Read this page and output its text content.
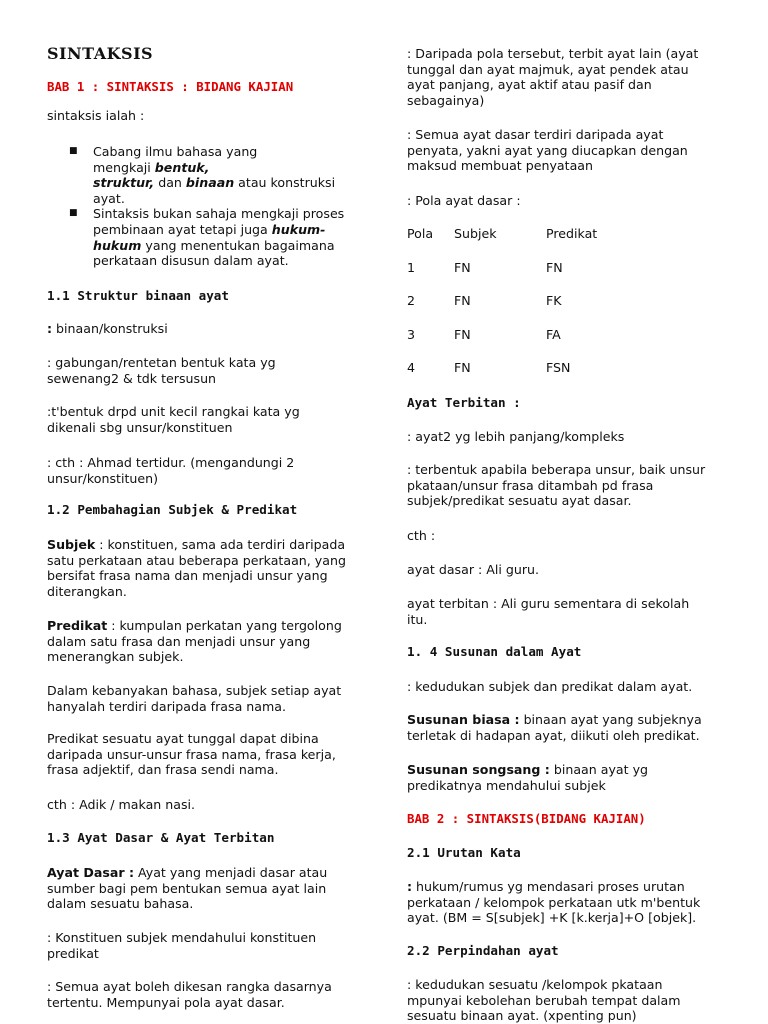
SINTAKSIS

BAB 1 : SINTAKSIS : BIDANG KAJIAN

sintaksis ialah :

■ Cabang ilmu bahasa yang
mengkaji bentuk,
struktur, dan binaan atau konstruksi
ayat.
■ Sintaksis bukan sahaja mengkaji proses
pembinaan ayat tetapi juga hukum-
hukum yang menentukan bagaimana
perkataan disusun dalam ayat.

1.1 Struktur binaan ayat

: binaan/konstruksi

: gabungan/rentetan bentuk kata yg
sewenang2 & tdk tersusun

:t'bentuk drpd unit kecil rangkai kata yg
dikenali sbg unsur/konstituen

: cth : Ahmad tertidur. (mengandungi 2
unsur/konstituen)

1.2 Pembahagian Subjek & Predikat

Subjek : konstituen, sama ada terdiri daripada
satu perkataan atau beberapa perkataan, yang
bersifat frasa nama dan menjadi unsur yang
diterangkan.

Predikat : kumpulan perkatan yang tergolong
dalam satu frasa dan menjadi unsur yang
menerangkan subjek.

Dalam kebanyakan bahasa, subjek setiap ayat
hanyalah terdiri daripada frasa nama.

Predikat sesuatu ayat tunggal dapat dibina
daripada unsur-unsur frasa nama, frasa kerja,
frasa adjektif, dan frasa sendi nama.

cth : Adik / makan nasi.

1.3 Ayat Dasar & Ayat Terbitan

Ayat Dasar : Ayat yang menjadi dasar atau
sumber bagi pem bentukan semua ayat lain
dalam sesuatu bahasa.

: Konstituen subjek mendahului konstituen
predikat

: Semua ayat boleh dikesan rangka dasarnya
tertentu. Mempunyai pola ayat dasar.

: Daripada pola tersebut, terbit ayat lain (ayat
tunggal dan ayat majmuk, ayat pendek atau
ayat panjang, ayat aktif atau pasif dan
sebagainya)

: Semua ayat dasar terdiri daripada ayat
penyata, yakni ayat yang diucapkan dengan
maksud membuat penyataan

: Pola ayat dasar :

Pola	Subjek	Predikat
1	FN	FN
2	FN	FK
3	FN	FA
4	FN	FSN

Ayat Terbitan :

: ayat2 yg lebih panjang/kompleks

: terbentuk apabila beberapa unsur, baik unsur
pkataan/unsur frasa ditambah pd frasa
subjek/predikat sesuatu ayat dasar.

cth :

ayat dasar : Ali guru.

ayat terbitan : Ali guru sementara di sekolah
itu.

1. 4 Susunan dalam Ayat

: kedudukan subjek dan predikat dalam ayat.

Susunan biasa : binaan ayat yang subjeknya
terletak di hadapan ayat, diikuti oleh predikat.

Susunan songsang : binaan ayat yg
predikatnya mendahului subjek

BAB 2 : SINTAKSIS(BIDANG KAJIAN)

2.1 Urutan Kata

: hukum/rumus yg mendasari proses urutan
perkataan / kelompok perkataan utk m'bentuk
ayat. (BM = S[subjek] +K [k.kerja]+O [objek].

2.2 Perpindahan ayat

: kedudukan sesuatu /kelompok pkataan
mpunyai kebolehan berubah tempat dalam
sesuatu binaan ayat. (xpenting pun)
